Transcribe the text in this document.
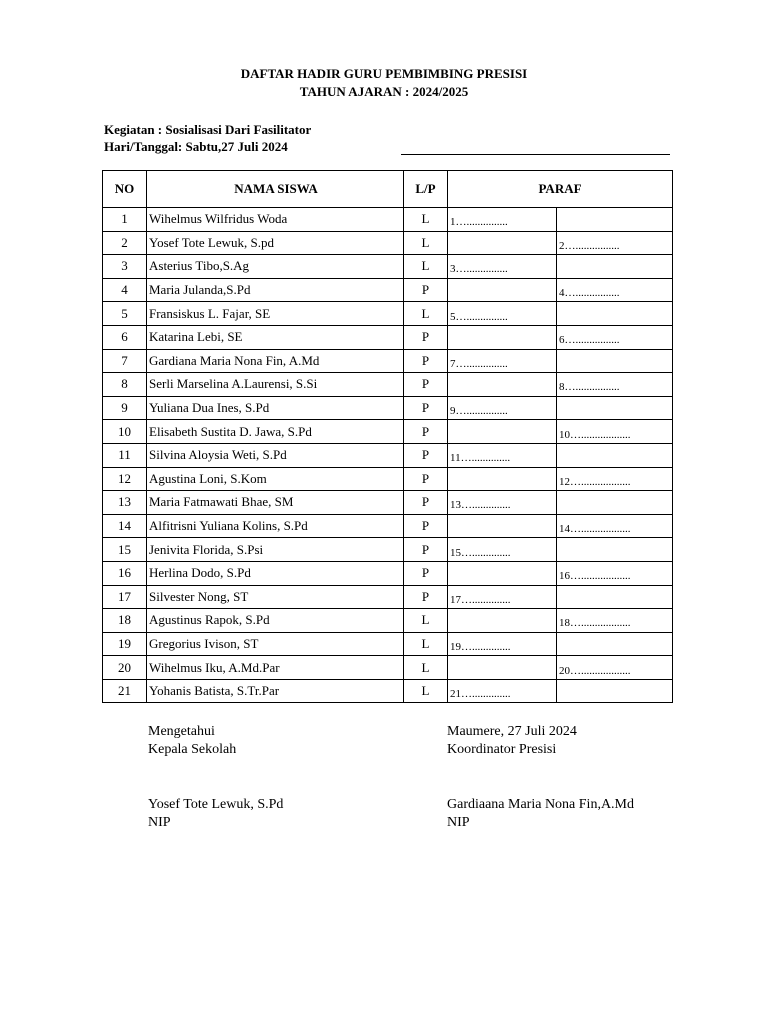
DAFTAR HADIR GURU PEMBIMBING PRESISI
TAHUN AJARAN : 2024/2025
Kegiatan : Sosialisasi Dari Fasilitator
Hari/Tanggal: Sabtu,27 Juli 2024
NO	NAMA SISWA	L/P	PARAF	
1	Wihelmus Wilfridus Woda	L	1…...............	

2	Yosef Tote Lewuk, S.pd	L		2…................

3	Asterius Tibo,S.Ag	L	3…...............	

4	Maria Julanda,S.Pd	P		4…................

5	Fransiskus L. Fajar, SE	L	5…...............	

6	Katarina Lebi, SE	P		6…................

7	Gardiana Maria Nona Fin, A.Md	P	7…...............	

8	Serli Marselina A.Laurensi, S.Si	P		8…................

9	Yuliana Dua Ines, S.Pd	P	9…...............	

10	Elisabeth Sustita D. Jawa, S.Pd	P		10…..................

11	Silvina Aloysia Weti, S.Pd	P	11…..............	

12	Agustina Loni, S.Kom	P		12…..................

13	Maria Fatmawati Bhae, SM	P	13…..............	

14	Alfitrisni Yuliana Kolins, S.Pd	P		14…..................

15	Jenivita Florida, S.Psi	P	15…..............	

16	Herlina Dodo, S.Pd	P		16…..................

17	Silvester Nong, ST	P	17…..............	

18	Agustinus Rapok, S.Pd	L		18…..................

19	Gregorius Ivison, ST	L	19…..............	

20	Wihelmus Iku, A.Md.Par	L		20…..................

21	Yohanis Batista, S.Tr.Par	L	21…..............	

Mengetahui
Kepala Sekolah
Yosef Tote Lewuk, S.Pd
NIP
Maumere, 27 Juli 2024
Koordinator Presisi
Gardiaana Maria Nona Fin,A.Md
NIP
